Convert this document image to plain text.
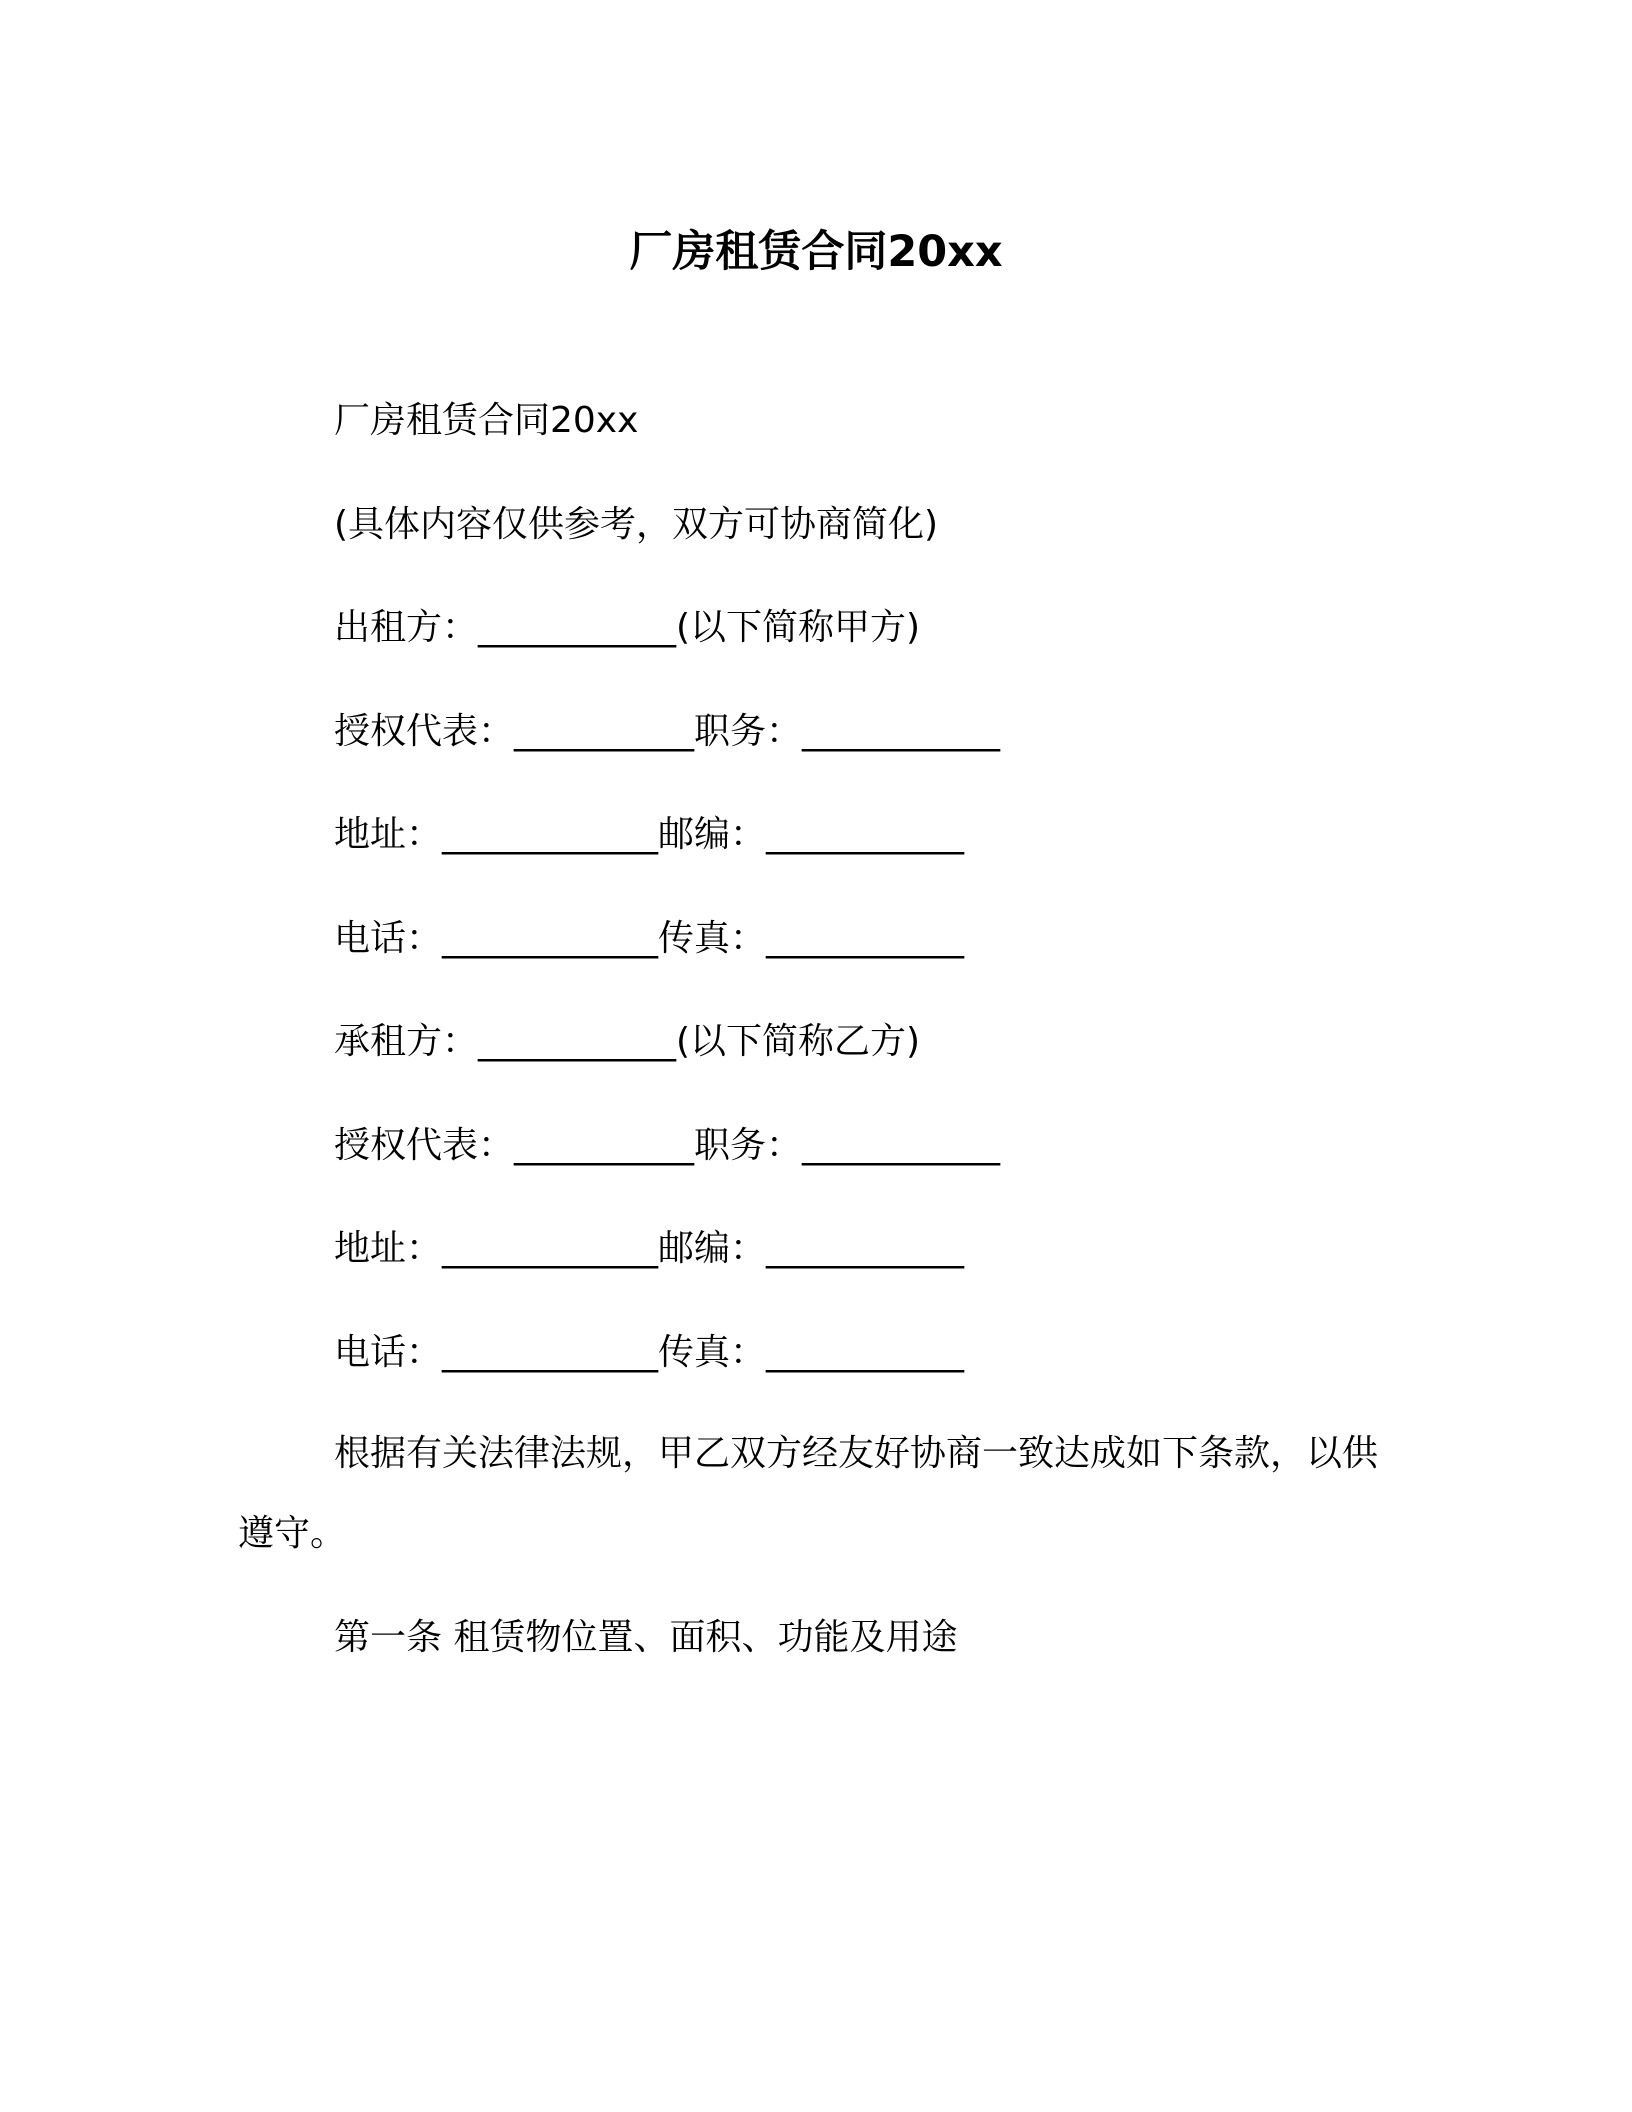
厂房租赁合同20xx
厂房租赁合同20xx
(具体内容仅供参考，双方可协商简化)
出租方：___________(以下简称甲方)
授权代表：__________职务：___________
地址：____________邮编：___________
电话：____________传真：___________
承租方：___________(以下简称乙方)
授权代表：__________职务：___________
地址：____________邮编：___________
电话：____________传真：___________
根据有关法律法规，甲乙双方经友好协商一致达成如下条款，以供遵守。
第一条 租赁物位置、面积、功能及用途
